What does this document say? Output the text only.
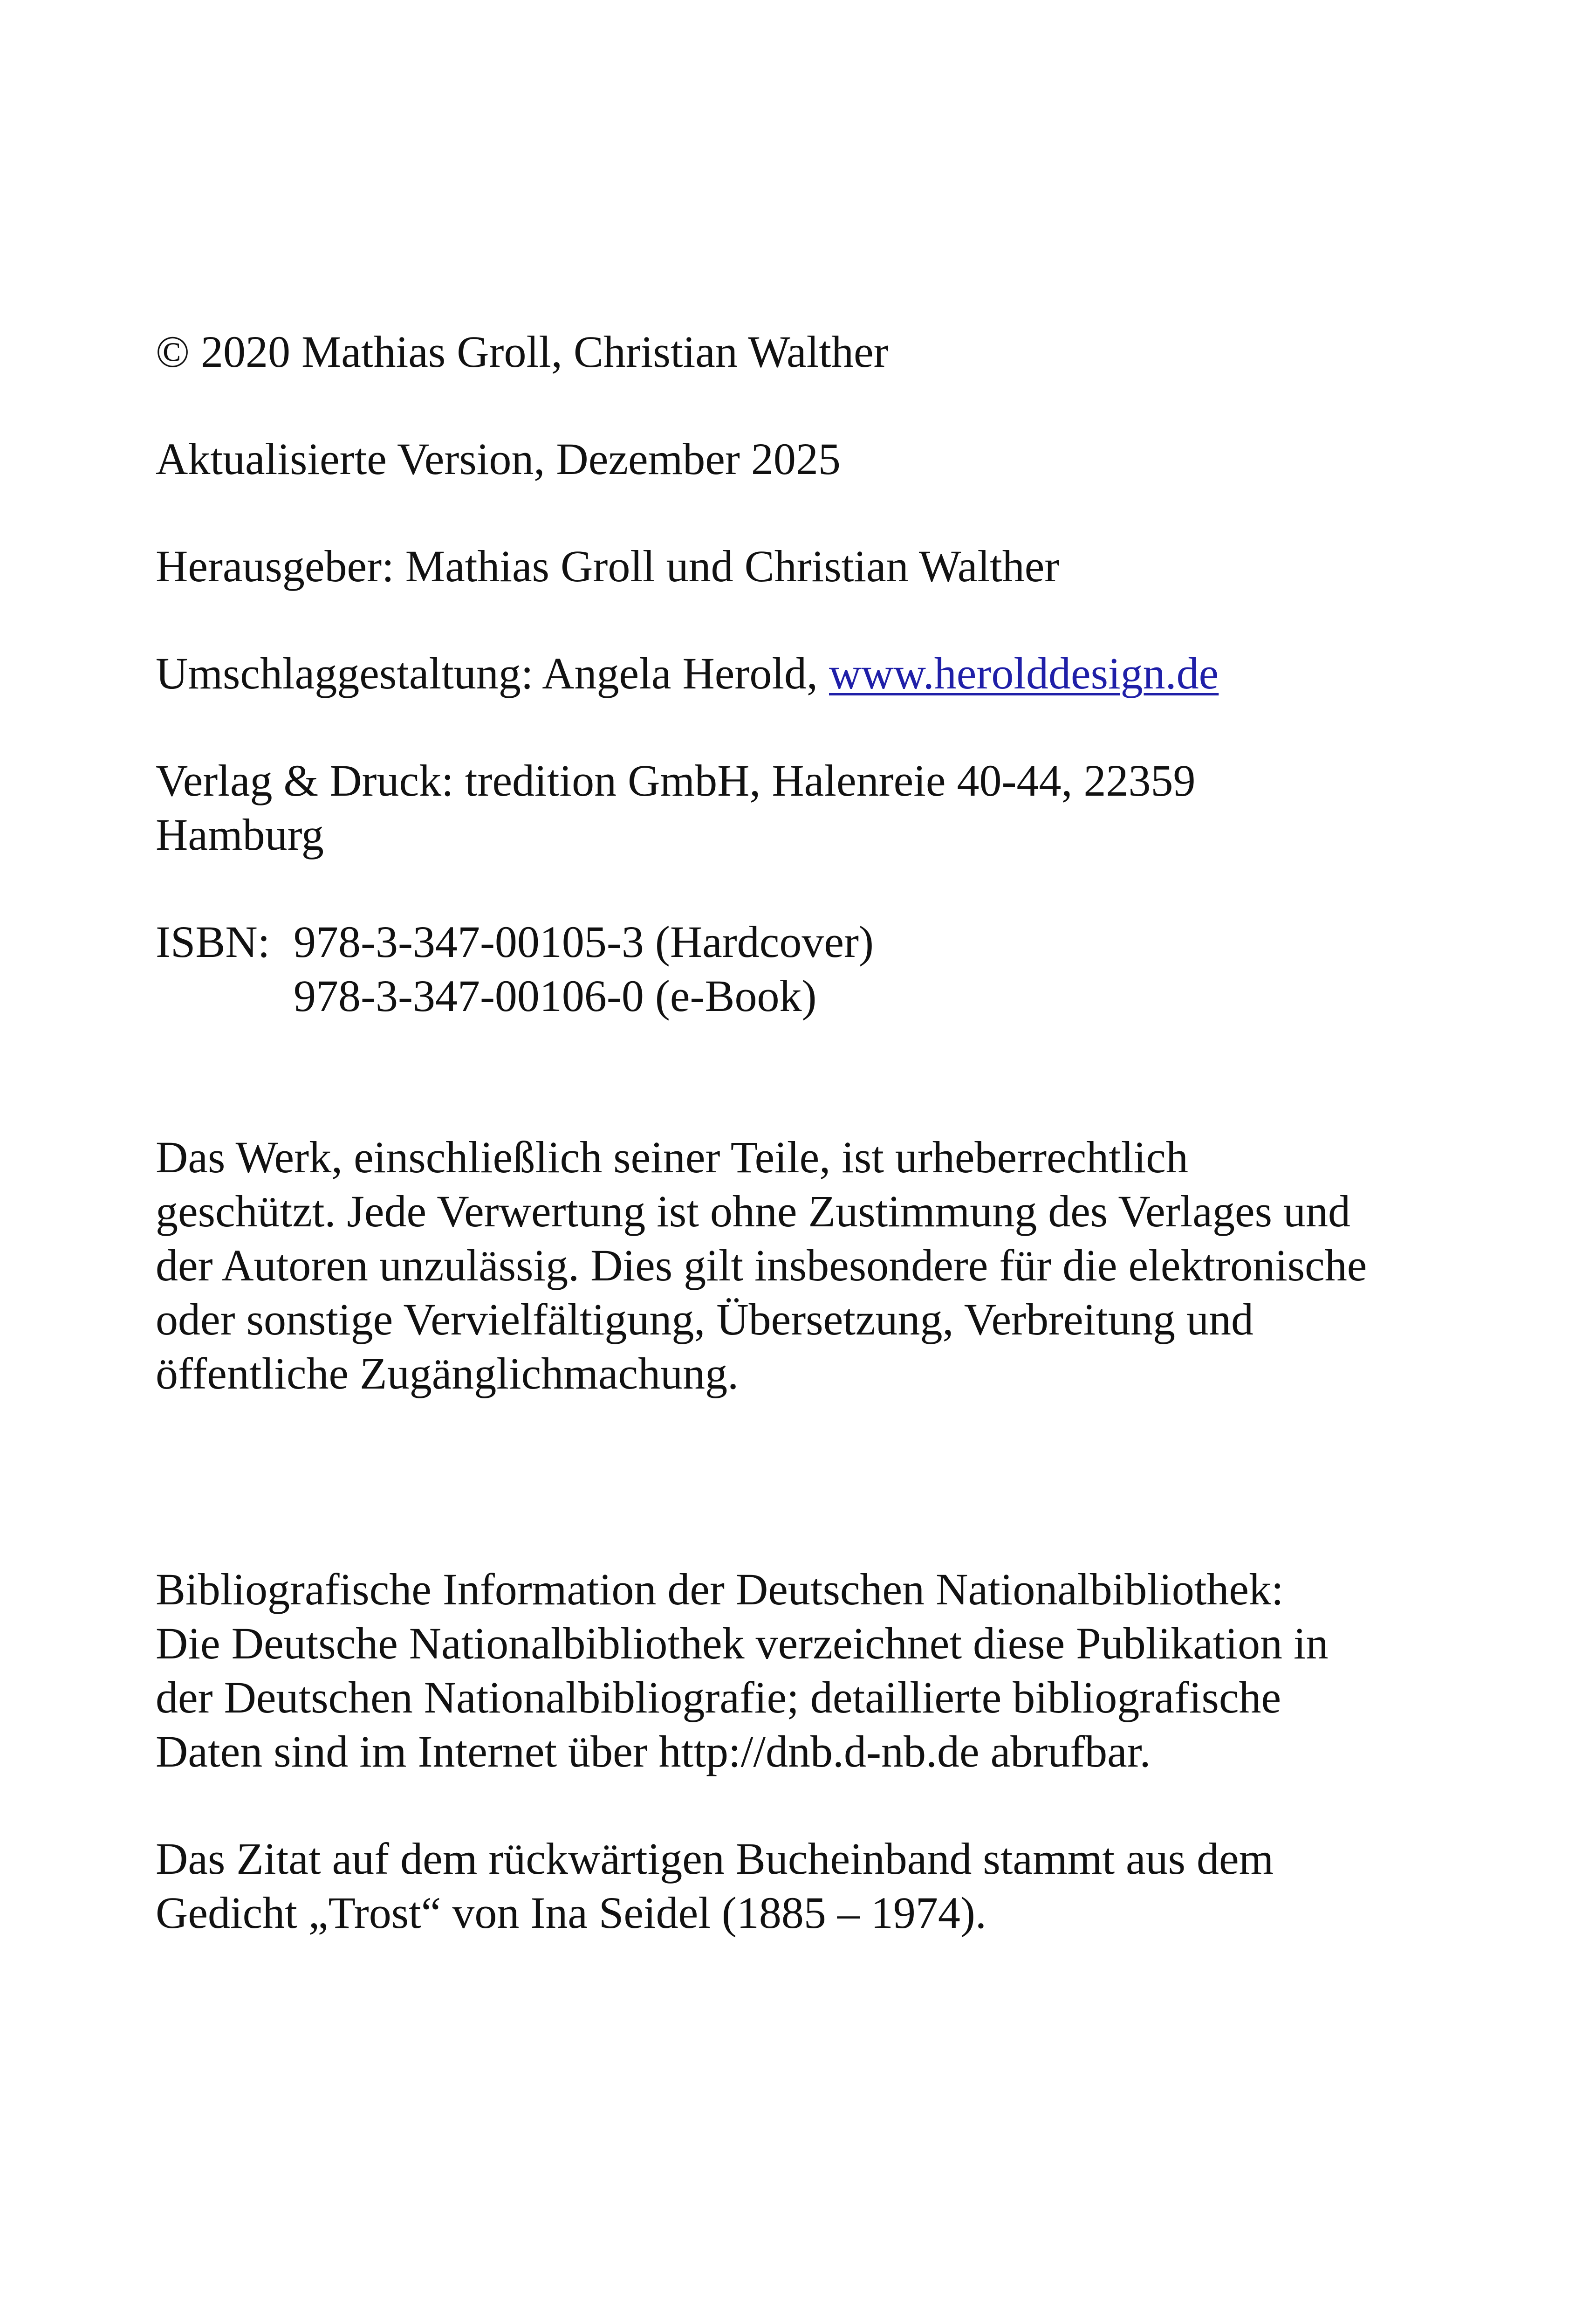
© 2020 Mathias Groll, Christian Walther

Aktualisierte Version, Dezember 2025

Herausgeber: Mathias Groll und Christian Walther

Umschlaggestaltung: Angela Herold, www.herolddesign.de

Verlag & Druck: tredition GmbH, Halenreie 40-44, 22359

Hamburg

ISBN: 978-3-347-00105-3 (Hardcover)
978-3-347-00106-0 (e-Book)

Das Werk, einschließlich seiner Teile, ist urheberrechtlich

geschützt. Jede Verwertung ist ohne Zustimmung des Verlages und

der Autoren unzulässig. Dies gilt insbesondere für die elektronische

oder sonstige Vervielfältigung, Übersetzung, Verbreitung und

öffentliche Zugänglichmachung.

Bibliografische Information der Deutschen Nationalbibliothek:

Die Deutsche Nationalbibliothek verzeichnet diese Publikation in

der Deutschen Nationalbibliografie; detaillierte bibliografische

Daten sind im Internet über http://dnb.d-nb.de abrufbar.

Das Zitat auf dem rückwärtigen Bucheinband stammt aus dem

Gedicht „Trost“ von Ina Seidel (1885 – 1974).
